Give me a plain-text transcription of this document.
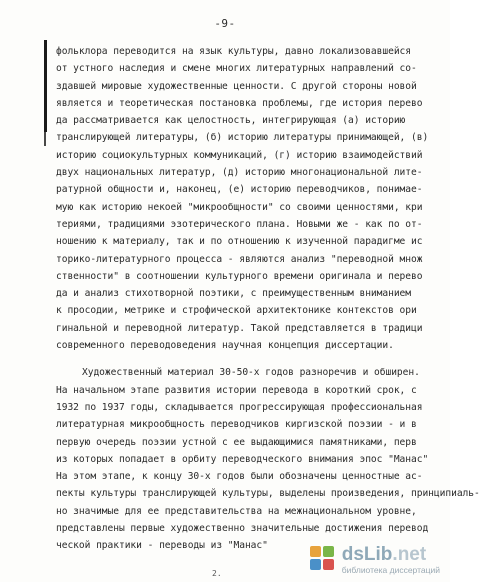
-9-
фольклора переводится на язык культуры, давно локализовавшейся
от устного наследия и смене многих литературных направлений со-
здавшей мировые художественные ценности. С другой стороны новой
является и теоретическая постановка проблемы, где история перево
да рассматривается как целостность, интегрирующая (а) историю
транслирующей литературы, (б) историю литературы принимающей, (в)
историю социокультурных коммуникаций, (г) историю взаимодействий
двух национальных литератур, (д) историю многонациональной лите-
ратурной общности и, наконец, (е) историю переводчиков, понимае-
мую как историю некоей "микрообщности" со своими ценностями, кри
териями, традициями эзотерического плана. Новыми же - как по от-
ношению к материалу, так и по отношению к изученной парадигме ис
торико-литературного процесса - являются анализ "переводной множ
ственности" в соотношении культурного времени оригинала и перево
да и анализ стихотворной поэтики, с преимущественным вниманием
к просодии, метрике и строфической архитектонике контекстов ори
гинальной и переводной литератур. Такой представляется в традици
современного переводоведения научная концепция диссертации.
Художественный материал 30-50-х годов разноречив и обширен.
На начальном этапе развития истории перевода в короткий срок, с
1932 по 1937 годы, складывается прогрессирующая профессиональная
литературная микрообщность переводчиков киргизской поэзии - и в
первую очередь поэзии устной с ее выдающимися памятниками, перв
из которых попадает в орбиту переводческого внимания эпос "Манас"
На этом этапе, к концу 30-х годов были обозначены ценностные ас-
пекты культуры транслирующей культуры, выделены произведения, принципиаль-
но значимые для ее представительства на межнациональном уровне,
представлены первые художественно значительные достижения перевод
ческой практики - переводы из "Манас"
2.
dsLib.net
библиотека диссертаций
